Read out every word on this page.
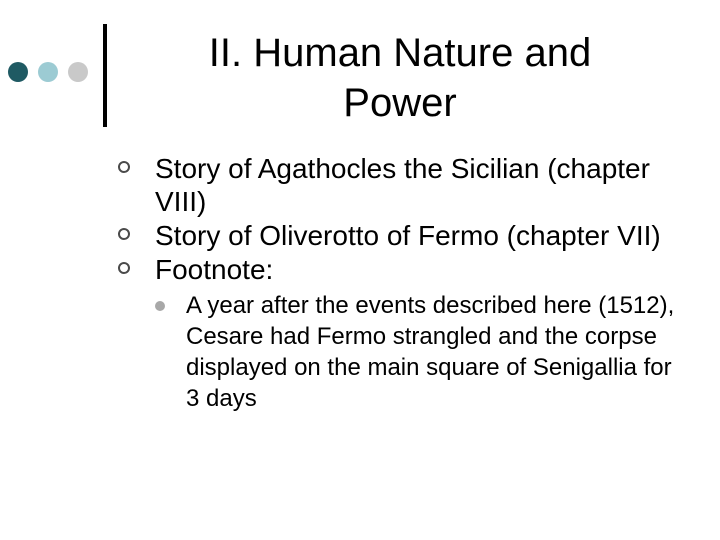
II. Human Nature and
Power
Story of Agathocles the Sicilian (chapter VIII)
Story of Oliverotto of Fermo (chapter VII)
Footnote:
A year after the events described here (1512), Cesare had Fermo strangled and the corpse displayed on the main square of Senigallia for 3 days
